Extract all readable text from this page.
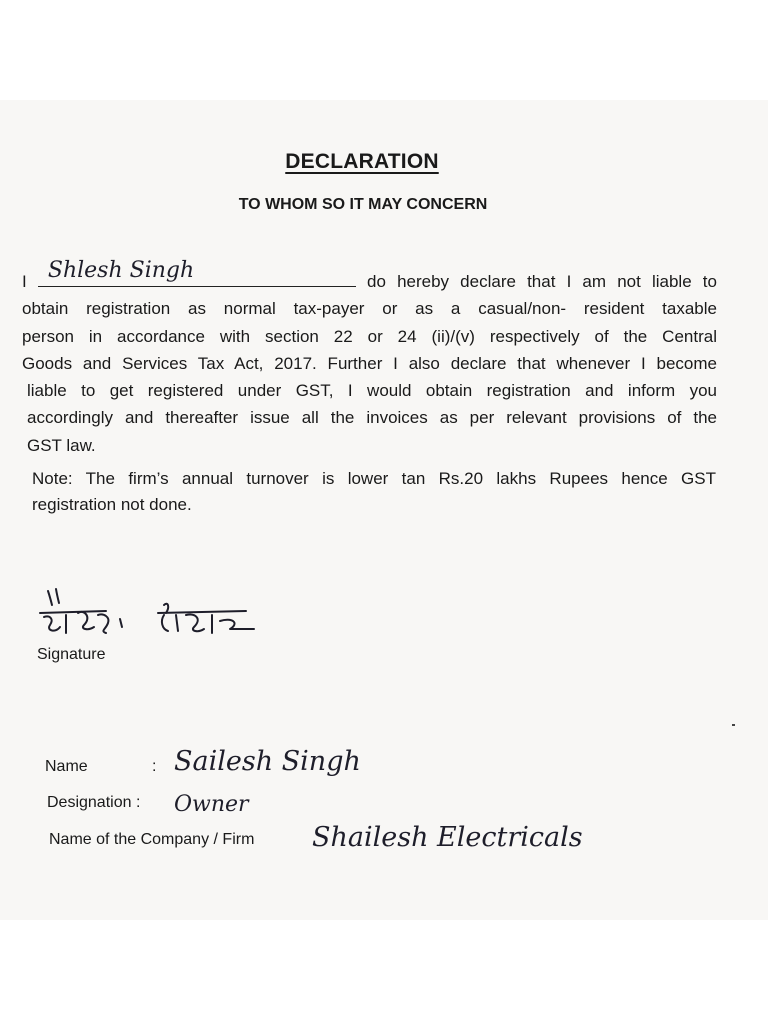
DECLARATION
TO WHOM SO IT MAY CONCERN
I Shlesh Singh	do hereby declare that I am not liable to
obtain registration as normal tax-payer or as a casual/non- resident taxable
person in accordance with section 22 or 24 (ii)/(v) respectively of the Central
Goods and Services Tax Act, 2017. Further I also declare that whenever I become
liable to get registered under GST, I would obtain registration and inform you
accordingly and thereafter issue all the invoices as per relevant provisions of the
GST law.
Note: The firm’s annual turnover is lower tan Rs.20 lakhs Rupees hence GST
registration not done.
Signature
Name	: Sailesh Singh
Designation : Owner
Name of the Company / Firm Shailesh Electricals
